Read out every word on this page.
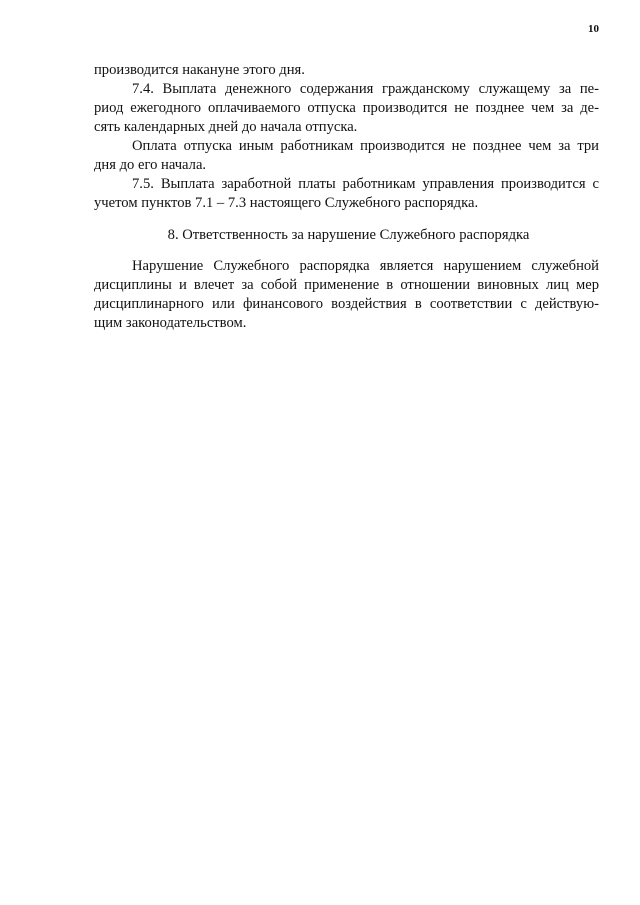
10
производится накануне этого дня.
7.4. Выплата денежного содержания гражданскому служащему за пе-
риод ежегодного оплачиваемого отпуска производится не позднее чем за де-
сять календарных дней до начала отпуска.
Оплата отпуска иным работникам производится не позднее чем за три
дня до его начала.
7.5. Выплата заработной платы работникам управления производится с
учетом пунктов 7.1 – 7.3 настоящего Служебного распорядка.
8. Ответственность за нарушение Служебного распорядка
Нарушение Служебного распорядка является нарушением служебной
дисциплины и влечет за собой применение в отношении виновных лиц мер
дисциплинарного или финансового воздействия в соответствии с действую-
щим законодательством.
